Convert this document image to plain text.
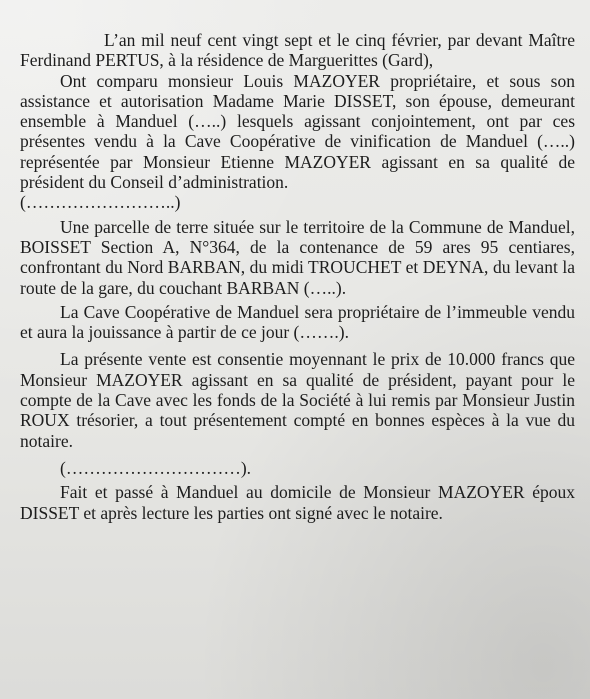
L’an mil neuf cent vingt sept et le cinq février, par devant Maître Ferdinand PERTUS, à la résidence de Marguerittes (Gard),

Ont comparu monsieur Louis MAZOYER propriétaire, et sous son assistance et autorisation Madame Marie DISSET, son épouse, demeurant ensemble à Manduel (…..) lesquels agissant conjointement, ont par ces présentes vendu à la Cave Coopérative de vinification de Manduel (…..) représentée par Monsieur Etienne MAZOYER agissant en sa qualité de président du Conseil d’administration.

(……………………..)

Une parcelle de terre située sur le territoire de la Commune de Manduel, BOISSET Section A, N°364, de la contenance de 59 ares 95 centiares, confrontant du Nord BARBAN, du midi TROUCHET et DEYNA, du levant la route de la gare, du couchant BARBAN (…..).

La Cave Coopérative de Manduel sera propriétaire de l’immeuble vendu et aura la jouissance à partir de ce jour (…….).

La présente vente est consentie moyennant le prix de 10.000 francs que Monsieur MAZOYER agissant en sa qualité de président, payant pour le compte de la Cave avec les fonds de la Société à lui remis par Monsieur Justin ROUX trésorier, a tout présentement compté en bonnes espèces à la vue du notaire.

(…………………………).

Fait et passé à Manduel au domicile de Monsieur MAZOYER époux DISSET et après lecture les parties ont signé avec le notaire.
